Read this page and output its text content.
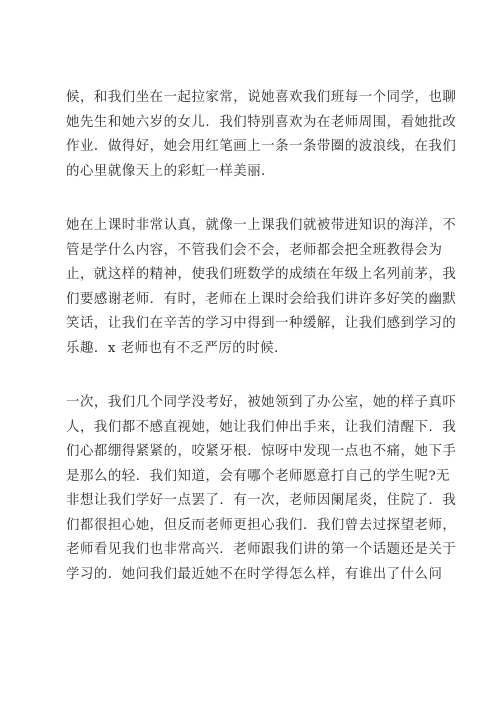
候，和我们坐在一起拉家常，说她喜欢我们班每一个同学，也聊
她先生和她六岁的女儿．我们特别喜欢为在老师周围，看她批改
作业．做得好，她会用红笔画上一条一条带圈的波浪线，在我们
的心里就像天上的彩虹一样美丽．
她在上课时非常认真，就像一上课我们就被带进知识的海洋，不
管是学什么内容，不管我们会不会，老师都会把全班教得会为
止，就这样的精神，使我们班数学的成绩在年级上名列前茅，我
们要感谢老师．有时，老师在上课时会给我们讲许多好笑的幽默
笑话，让我们在辛苦的学习中得到一种缓解，让我们感到学习的
乐趣．x 老师也有不乏严厉的时候．
一次，我们几个同学没考好，被她领到了办公室，她的样子真吓
人，我们都不感直视她，她让我们伸出手来，让我们清醒下．我
们心都绷得紧紧的，咬紧牙根．惊呀中发现一点也不痛，她下手
是那么的轻．我们知道，会有哪个老师愿意打自己的学生呢?无
非想让我们学好一点罢了．有一次，老师因阑尾炎，住院了．我
们都很担心她，但反而老师更担心我们．我们曾去过探望老师，
老师看见我们也非常高兴．老师跟我们讲的第一个话题还是关于
学习的．她问我们最近她不在时学得怎么样，有谁出了什么问
